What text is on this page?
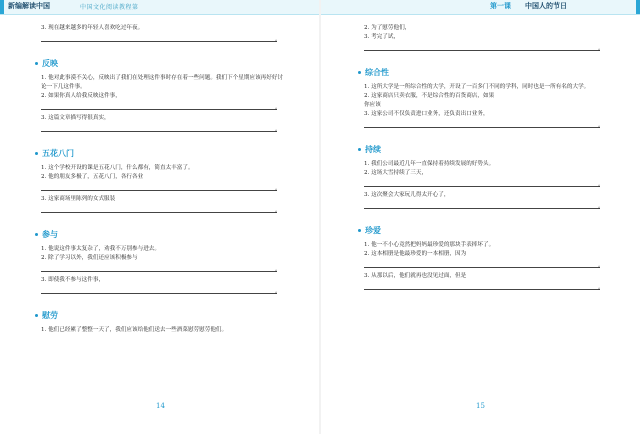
新编解读中国	中国文化阅读教程第	第一课 中国人的节日
3. 现在越来越多的年轻人喜欢吃过年夜。
。
反映
1. 他对此事漠不关心，反映出了我们在处理这件事时存在着一些问题。我们下个星期应该再好好讨论一下几这件事。
2. 如果你真人给我反映这件事，
。
3. 这篇文章描写得很真实，
。
五花八门
1. 这个学校开设的课是五花八门，什么都有，简直太丰富了。
2. 他的朋友多极了，五花八门，各行各业
。
3. 这家商场里陈列的女式服装
。
参与
1. 他说这件事太复杂了，劝我不万别参与进去。
2. 除了学习以外，我们还应该积极参与
。
3. 即使我不参与这件事，
。
慰劳
1. 他们已经累了整整一天了，我们应该给他们送去一些酒菜慰劳慰劳他们。
14
2. 为了慰劳他们，
3. 考完了试，
。
综合性
1. 这所大学是一所综合性的大学，开设了一百多门不同的学科，同时也是一所有名的大学。
2. 这家商店只卖衣服，不是综合性的百货商店，如果
你应该
3. 这家公司不仅负责进口业务，还负责出口业务，
。
持续
1. 我们公司最近几年一直保持着持续发展的好势头。
2. 这场大雪持续了三天，
。
3. 这次聚会大家玩儿得太开心了，
。
珍爱
1. 他一不小心竟然把妈妈最珍爱的那块手表摔坏了。
2. 这本相册是他最珍爱的一本相册，因为
。
3. 从那以后，他们就再也没见过面，但是
。
15
